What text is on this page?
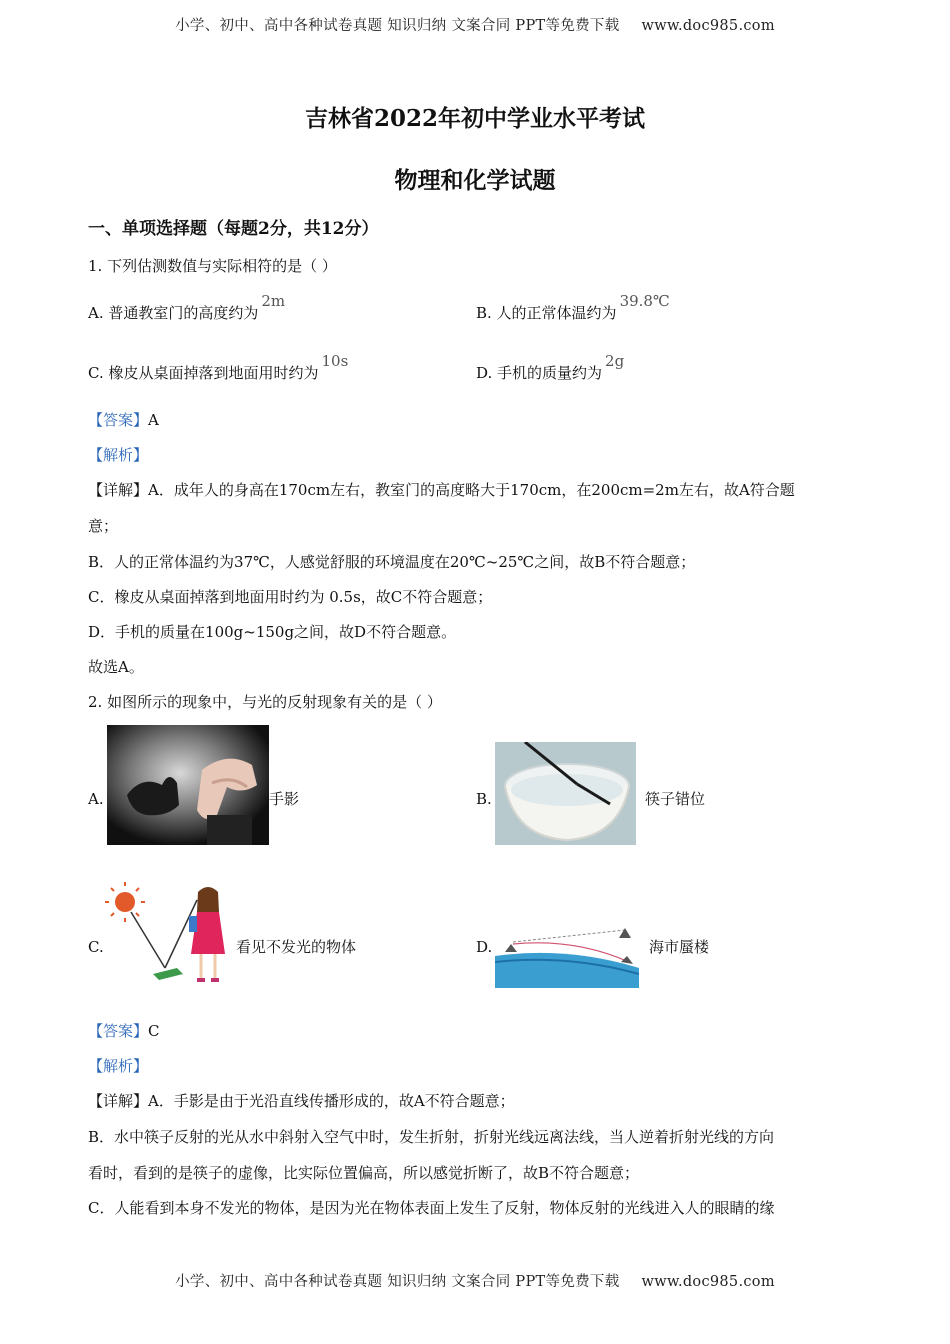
小学、初中、高中各种试卷真题 知识归纳 文案合同 PPT等免费下载 www.doc985.com
吉林省2022年初中学业水平考试
物理和化学试题
一、单项选择题（每题2分，共12分）
1. 下列估测数值与实际相符的是（ ）
A. 普通教室门的高度约为2m
B. 人的正常体温约为39.8℃
C. 橡皮从桌面掉落到地面用时约为10s
D. 手机的质量约为2g
【答案】A
【解析】
【详解】A．成年人的身高在170cm左右，教室门的高度略大于170cm，在200cm=2m左右，故A符合题
意；
B．人的正常体温约为37℃，人感觉舒服的环境温度在20℃~25℃之间，故B不符合题意；
C．橡皮从桌面掉落到地面用时约为 0.5s，故C不符合题意；
D．手机的质量在100g~150g之间，故D不符合题意。
故选A。
2. 如图所示的现象中，与光的反射现象有关的是（ ）
A.	手影	B.	筷子错位
C.	看见不发光的物体	D.	海市蜃楼
【答案】C
【解析】
【详解】A．手影是由于光沿直线传播形成的，故A不符合题意；
B．水中筷子反射的光从水中斜射入空气中时，发生折射，折射光线远离法线，当人逆着折射光线的方向
看时，看到的是筷子的虚像，比实际位置偏高，所以感觉折断了，故B不符合题意；
C．人能看到本身不发光的物体，是因为光在物体表面上发生了反射，物体反射的光线进入人的眼睛的缘
小学、初中、高中各种试卷真题 知识归纳 文案合同 PPT等免费下载 www.doc985.com
